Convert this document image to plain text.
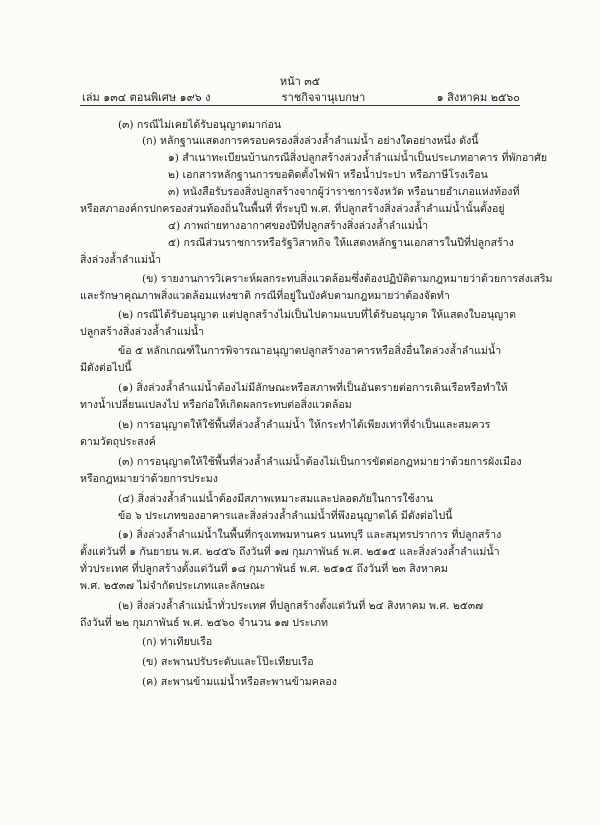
หน้า ๓๕
เล่ม ๑๓๔ ตอนพิเศษ ๑๙๖ ง	ราชกิจจานุเบกษา	๑ สิงหาคม ๒๕๖๐
(๓) กรณีไม่เคยได้รับอนุญาตมาก่อน
(ก) หลักฐานแสดงการครอบครองสิ่งล่วงล้ำลำแม่น้ำ อย่างใดอย่างหนึ่ง ดังนี้
๑) สำเนาทะเบียนบ้านกรณีสิ่งปลูกสร้างล่วงล้ำลำแม่น้ำเป็นประเภทอาคาร ที่พักอาศัย
๒) เอกสารหลักฐานการขอติดตั้งไฟฟ้า หรือน้ำประปา หรือภาษีโรงเรือน
๓) หนังสือรับรองสิ่งปลูกสร้างจากผู้ว่าราชการจังหวัด หรือนายอำเภอแห่งท้องที่
หรือสภาองค์กรปกครองส่วนท้องถิ่นในพื้นที่ ที่ระบุปี พ.ศ. ที่ปลูกสร้างสิ่งล่วงล้ำลำแม่น้ำนั้นตั้งอยู่
๔) ภาพถ่ายทางอากาศของปีที่ปลูกสร้างสิ่งล่วงล้ำลำแม่น้ำ
๕) กรณีส่วนราชการหรือรัฐวิสาหกิจ ให้แสดงหลักฐานเอกสารในปีที่ปลูกสร้าง
สิ่งล่วงล้ำลำแม่น้ำ
(ข) รายงานการวิเคราะห์ผลกระทบสิ่งแวดล้อมซึ่งต้องปฏิบัติตามกฎหมายว่าด้วยการส่งเสริม
และรักษาคุณภาพสิ่งแวดล้อมแห่งชาติ กรณีที่อยู่ในบังคับตามกฎหมายว่าต้องจัดทำ
(๒) กรณีได้รับอนุญาต แต่ปลูกสร้างไม่เป็นไปตามแบบที่ได้รับอนุญาต ให้แสดงใบอนุญาต
ปลูกสร้างสิ่งล่วงล้ำลำแม่น้ำ
ข้อ ๕ หลักเกณฑ์ในการพิจารณาอนุญาตปลูกสร้างอาคารหรือสิ่งอื่นใดล่วงล้ำลำแม่น้ำ
มีดังต่อไปนี้
(๑) สิ่งล่วงล้ำลำแม่น้ำต้องไม่มีลักษณะหรือสภาพที่เป็นอันตรายต่อการเดินเรือหรือทำให้
ทางน้ำเปลี่ยนแปลงไป หรือก่อให้เกิดผลกระทบต่อสิ่งแวดล้อม
(๒) การอนุญาตให้ใช้พื้นที่ล่วงล้ำลำแม่น้ำ ให้กระทำได้เพียงเท่าที่จำเป็นและสมควร
ตามวัตถุประสงค์
(๓) การอนุญาตให้ใช้พื้นที่ล่วงล้ำลำแม่น้ำต้องไม่เป็นการขัดต่อกฎหมายว่าด้วยการผังเมือง
หรือกฎหมายว่าด้วยการประมง
(๔) สิ่งล่วงล้ำลำแม่น้ำต้องมีสภาพเหมาะสมและปลอดภัยในการใช้งาน
ข้อ ๖ ประเภทของอาคารและสิ่งล่วงล้ำลำแม่น้ำที่พึงอนุญาตได้ มีดังต่อไปนี้
(๑) สิ่งล่วงล้ำลำแม่น้ำในพื้นที่กรุงเทพมหานคร นนทบุรี และสมุทรปราการ ที่ปลูกสร้าง
ตั้งแต่วันที่ ๑ กันยายน พ.ศ. ๒๔๕๖ ถึงวันที่ ๑๗ กุมภาพันธ์ พ.ศ. ๒๕๑๕ และสิ่งล่วงล้ำลำแม่น้ำ
ทั่วประเทศ ที่ปลูกสร้างตั้งแต่วันที่ ๑๘ กุมภาพันธ์ พ.ศ. ๒๕๑๕ ถึงวันที่ ๒๓ สิงหาคม
พ.ศ. ๒๕๓๗ ไม่จำกัดประเภทและลักษณะ
(๒) สิ่งล่วงล้ำลำแม่น้ำทั่วประเทศ ที่ปลูกสร้างตั้งแต่วันที่ ๒๔ สิงหาคม พ.ศ. ๒๕๓๗
ถึงวันที่ ๒๒ กุมภาพันธ์ พ.ศ. ๒๕๖๐ จำนวน ๑๗ ประเภท
(ก) ท่าเทียบเรือ
(ข) สะพานปรับระดับและโป๊ะเทียบเรือ
(ค) สะพานข้ามแม่น้ำหรือสะพานข้ามคลอง
